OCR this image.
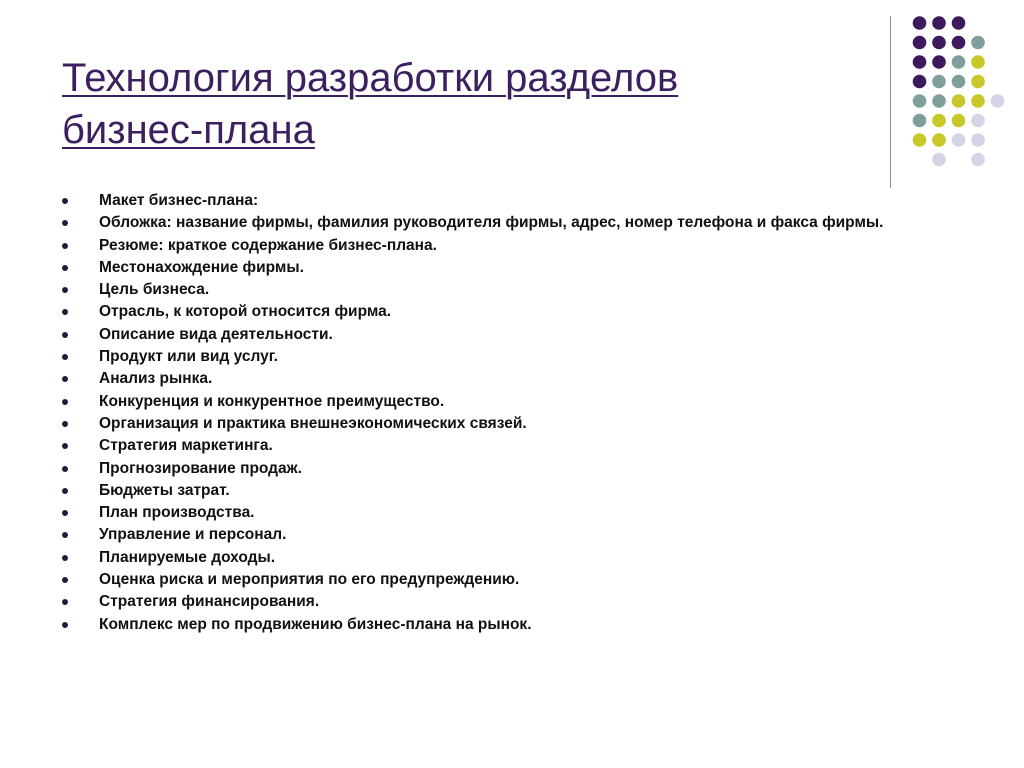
Технология разработки разделов
бизнес-плана
Макет бизнес-плана:
Обложка: название фирмы, фамилия руководителя фирмы, адрес, номер телефона и факса фирмы.
Резюме: краткое содержание бизнес-плана.
Местонахождение фирмы.
Цель бизнеса.
Отрасль, к которой относится фирма.
Описание вида деятельности.
Продукт или вид услуг.
Анализ рынка.
Конкуренция и конкурентное преимущество.
Организация и практика внешнеэкономических связей.
Стратегия маркетинга.
Прогнозирование продаж.
Бюджеты затрат.
План производства.
Управление и персонал.
Планируемые доходы.
Оценка риска и мероприятия по его предупреждению.
Стратегия финансирования.
Комплекс мер по продвижению бизнес-плана на рынок.
